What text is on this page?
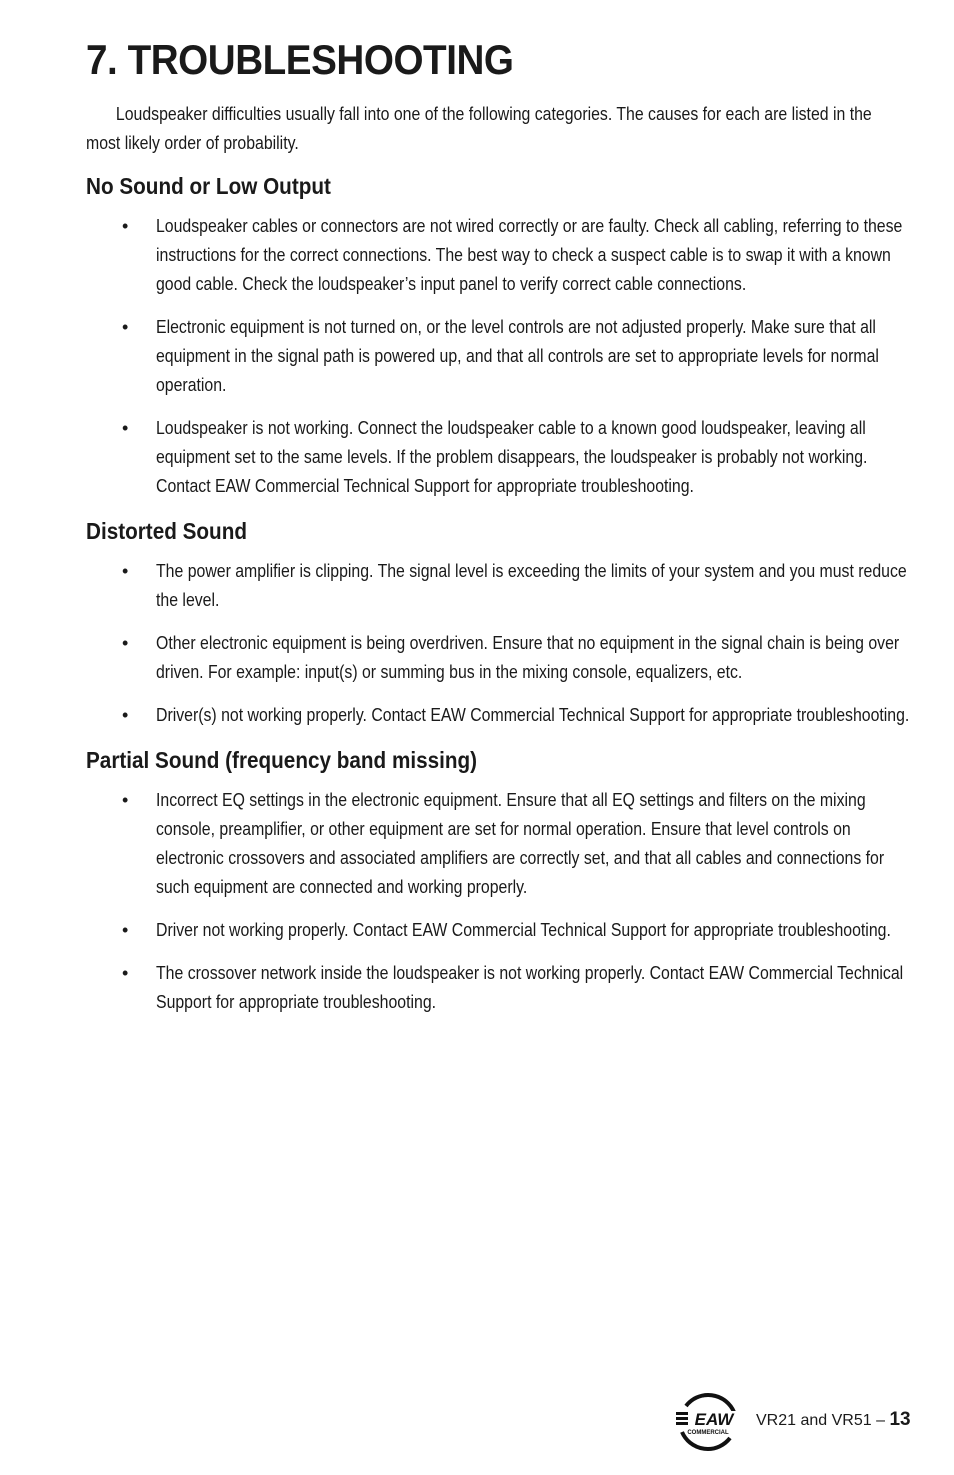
7. TROUBLESHOOTING

Loudspeaker difficulties usually fall into one of the following categories. The causes for each are listed in the most likely order of probability.

No Sound or Low Output
• Loudspeaker cables or connectors are not wired correctly or are faulty. Check all cabling, referring to these instructions for the correct connections. The best way to check a suspect cable is to swap it with a known good cable. Check the loudspeaker’s input panel to verify correct cable connections.
• Electronic equipment is not turned on, or the level controls are not adjusted properly. Make sure that all equipment in the signal path is powered up, and that all controls are set to appropriate levels for normal operation.
• Loudspeaker is not working. Connect the loudspeaker cable to a known good loudspeaker, leaving all equipment set to the same levels. If the problem disappears, the loudspeaker is probably not working. Contact EAW Commercial Technical Support for appropriate troubleshooting.
Distorted Sound
• The power amplifier is clipping. The signal level is exceeding the limits of your system and you must reduce the level.
• Other electronic equipment is being overdriven. Ensure that no equipment in the signal chain is being over driven. For example: input(s) or summing bus in the mixing console, equalizers, etc.
• Driver(s) not working properly. Contact EAW Commercial Technical Support for appropriate troubleshooting.
Partial Sound (frequency band missing)
• Incorrect EQ settings in the electronic equipment. Ensure that all EQ settings and filters on the mixing console, preamplifier, or other equipment are set for normal operation. Ensure that level controls on electronic crossovers and associated amplifiers are correctly set, and that all cables and connections for such equipment are connected and working properly.
• Driver not working properly. Contact EAW Commercial Technical Support for appropriate troubleshooting.
• The crossover network inside the loudspeaker is not working properly. Contact EAW Commercial Technical Support for appropriate troubleshooting.
EAW
COMMERCIAL
VR21 and VR51 – 13
